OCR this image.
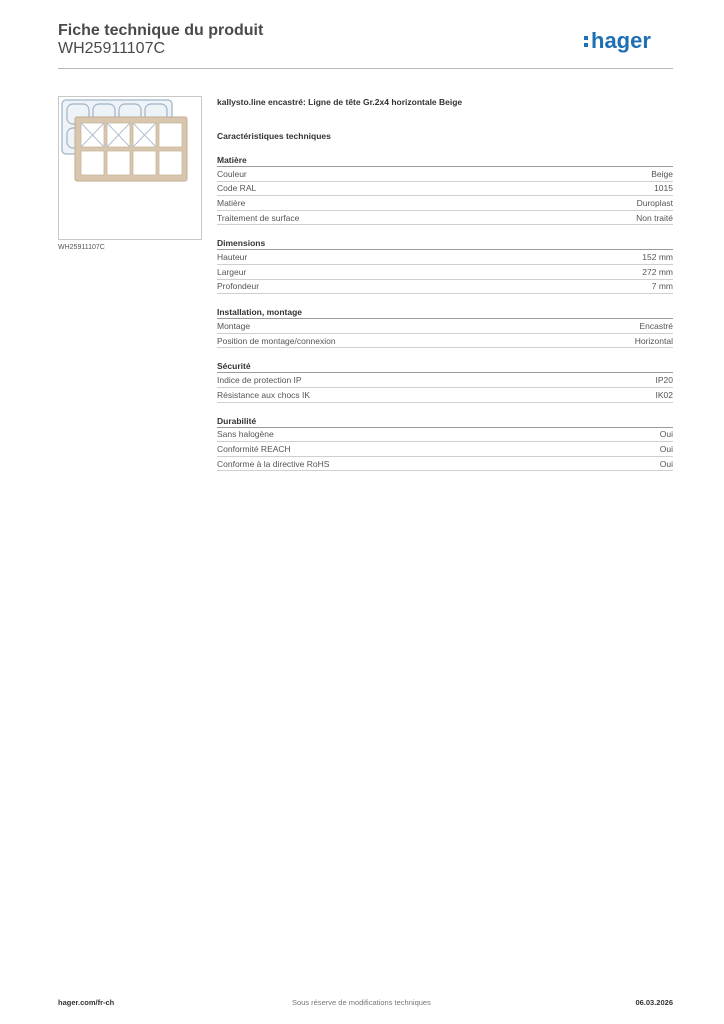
Fiche technique du produit
WH25911107C	hager
WH25911107C
kallysto.line encastré: Ligne de tête Gr.2x4 horizontale Beige
Caractéristiques techniques
Matière
Couleur	Beige
Code RAL	1015
Matière	Duroplast
Traitement de surface	Non traité
Dimensions
Hauteur	152 mm
Largeur	272 mm
Profondeur	7 mm
Installation, montage
Montage	Encastré
Position de montage/connexion	Horizontal
Sécurité
Indice de protection IP	IP20
Résistance aux chocs IK	IK02
Durabilité
Sans halogène	Oui
Conformité REACH	Oui
Conforme à la directive RoHS	Oui
hager.com/fr-ch	Sous réserve de modifications techniques	06.03.2026
